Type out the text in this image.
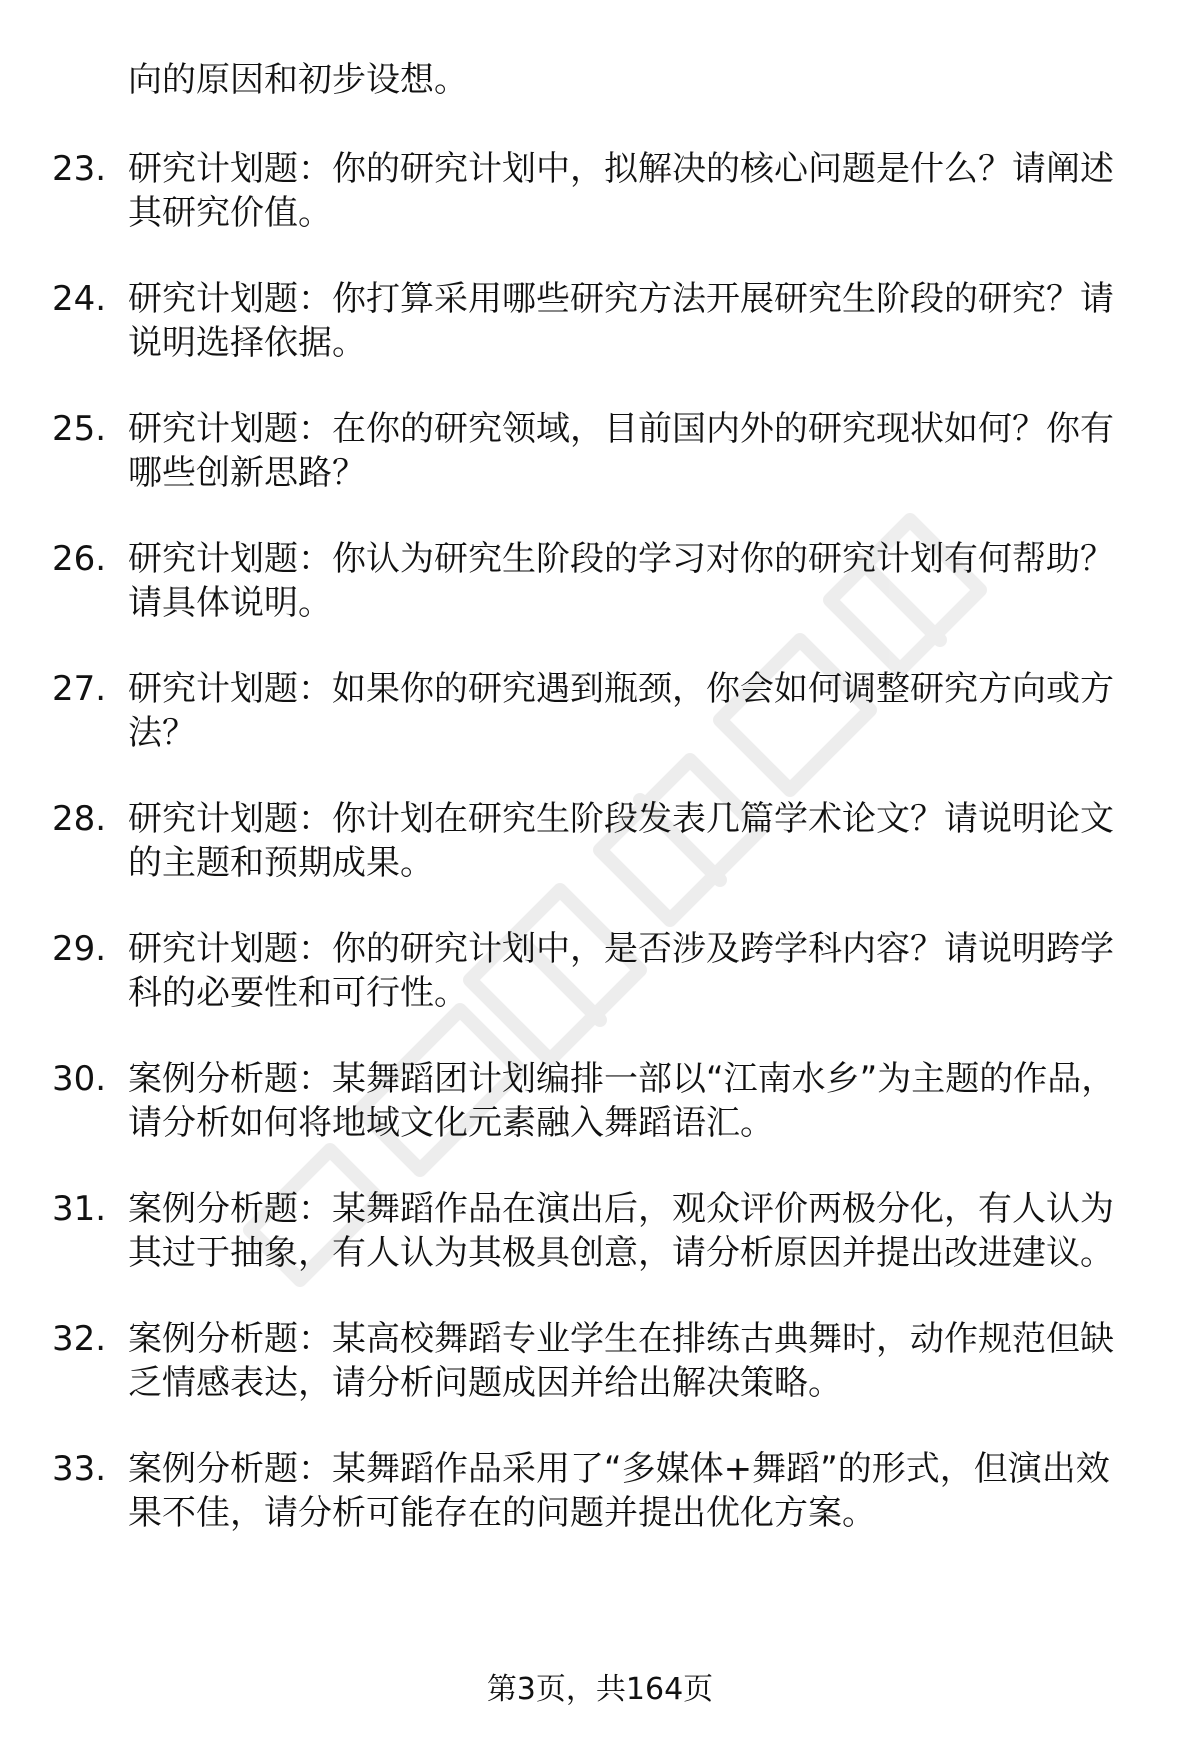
向的原因和初步设想。
23. 研究计划题：你的研究计划中，拟解决的核心问题是什么？请阐述其研究价值。
24. 研究计划题：你打算采用哪些研究方法开展研究生阶段的研究？请说明选择依据。
25. 研究计划题：在你的研究领域，目前国内外的研究现状如何？你有哪些创新思路？
26. 研究计划题：你认为研究生阶段的学习对你的研究计划有何帮助？请具体说明。
27. 研究计划题：如果你的研究遇到瓶颈，你会如何调整研究方向或方法？
28. 研究计划题：你计划在研究生阶段发表几篇学术论文？请说明论文的主题和预期成果。
29. 研究计划题：你的研究计划中，是否涉及跨学科内容？请说明跨学科的必要性和可行性。
30. 案例分析题：某舞蹈团计划编排一部以“江南水乡”为主题的作品，请分析如何将地域文化元素融入舞蹈语汇。
31. 案例分析题：某舞蹈作品在演出后，观众评价两极分化，有人认为其过于抽象，有人认为其极具创意，请分析原因并提出改进建议。
32. 案例分析题：某高校舞蹈专业学生在排练古典舞时，动作规范但缺乏情感表达，请分析问题成因并给出解决策略。
33. 案例分析题：某舞蹈作品采用了“多媒体+舞蹈”的形式，但演出效果不佳，请分析可能存在的问题并提出优化方案。
第3页，共164页
